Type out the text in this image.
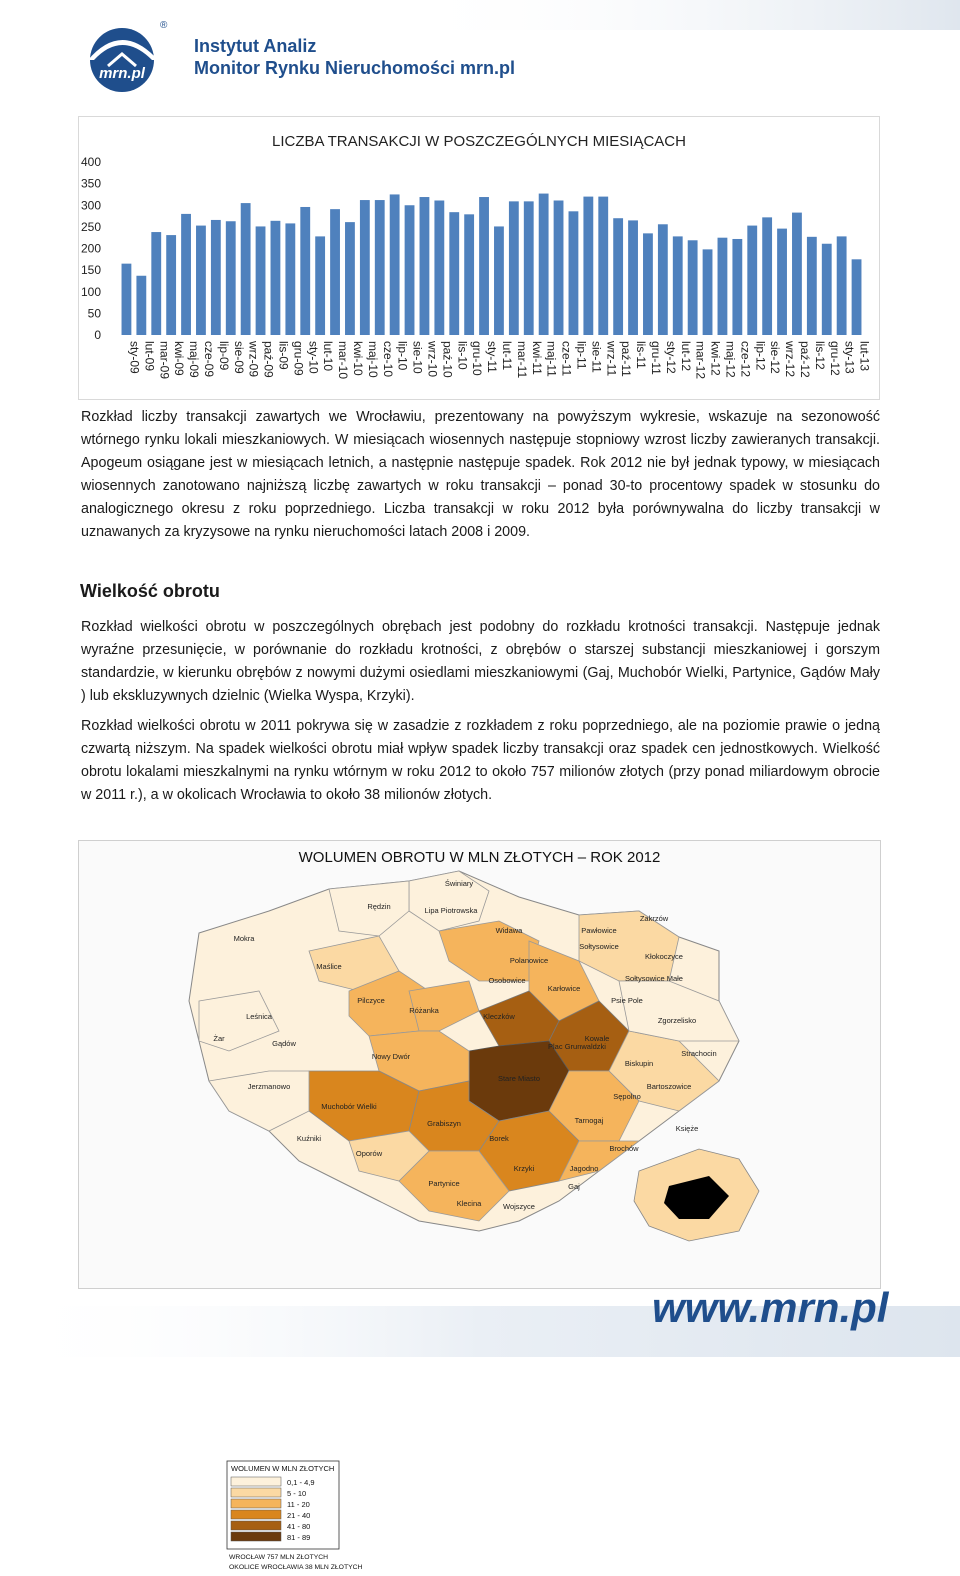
mrn.pl
®
Instytut Analiz
Monitor Rynku Nieruchomości mrn.pl
LICZBA TRANSAKCJI W POSZCZEGÓLNYCH MIESIĄCACH
0
50
100
150
200
250
300
350
400
sty-09 lut-09 mar-09 kwi-09 maj-09 cze-09 lip-09 sie-09 wrz-09 paź-09 lis-09 gru-09 sty-10 lut-10 mar-10 kwi-10 maj-10 cze-10 lip-10 sie-10 wrz-10 paź-10 lis-10 gru-10 sty-11 lut-11 mar-11 kwi-11 maj-11 cze-11 lip-11 sie-11 wrz-11 paź-11 lis-11 gru-11 sty-12 lut-12 mar-12 kwi-12 maj-12 cze-12 lip-12 sie-12 wrz-12 paź-12 lis-12 gru-12 sty-13 lut-13
Rozkład liczby transakcji zawartych we Wrocławiu, prezentowany na powyższym wykresie, wskazuje na sezonowość wtórnego rynku lokali mieszkaniowych. W miesiącach wiosennych następuje stopniowy wzrost liczby zawieranych transakcji. Apogeum osiągane jest w miesiącach letnich, a następnie następuje spadek. Rok 2012 nie był jednak typowy, w miesiącach wiosennych zanotowano najniższą liczbę zawartych w roku transakcji – ponad 30-to procentowy spadek w stosunku do analogicznego okresu z roku poprzedniego. Liczba transakcji w roku 2012 była porównywalna do liczby transakcji w uznawanych za kryzysowe na rynku nieruchomości latach 2008 i 2009.
Wielkość obrotu
Rozkład wielkości obrotu w poszczególnych obrębach jest podobny do rozkładu krotności transakcji. Następuje jednak wyraźne przesunięcie, w porównanie do rozkładu krotności, z obrębów o starszej substancji mieszkaniowej i gorszym standardzie, w kierunku obrębów z nowymi dużymi osiedlami mieszkaniowymi (Gaj, Muchobór Wielki, Partynice, Gądów Mały ) lub ekskluzywnych dzielnic (Wielka Wyspa, Krzyki).
Rozkład wielkości obrotu w 2011 pokrywa się w zasadzie z rozkładem z roku poprzedniego, ale na poziomie prawie o jedną czwartą niższym. Na spadek wielkości obrotu miał wpływ spadek liczby transakcji oraz spadek cen jednostkowych. Wielkość obrotu lokalami mieszkalnymi na rynku wtórnym w roku 2012 to około 757 milionów złotych (przy ponad miliardowym obrocie w 2011 r.), a w okolicach Wrocławia to około 38 milionów złotych.
WOLUMEN OBROTU W MLN ZŁOTYCH – ROK 2012
Świniary
Rędzin
Widawa
Lipa Piotrowska
Pawłowice
Zakrzów
Mokra
Maślice
Polanowice
Sołtysowice
Kłokoczyce
Leśnica
Pilczyce
Osobowice
Karłowice
Psie Pole
Żar
Gądów
Różanka
Kowale
Zgorzelisko
Jerzmanowo
Nowy Dwór
Kleczków
Plac Grunwaldzki
Muchobór Wielki
Stare Miasto
Strachocin
Biskupin
Sępolno
Bartoszowice
Oporów
Grabiszyn	Tarnogaj
Borek
Krzyki
Partynice
Brochów
Klecina	Wojszyce
Jagodno
Księże
Kuźniki
Gaj
Sołtysowice Małe
WOLUMEN W MLN ZŁOTYCH
0,1 - 4,9
5 - 10
11 - 20
21 - 40
41 - 80
81 - 89
WROCŁAW 757 MLN ZŁOTYCH
OKOLICE WROCŁAWIA 38 MLN ZŁOTYCH
www.mrn.pl
